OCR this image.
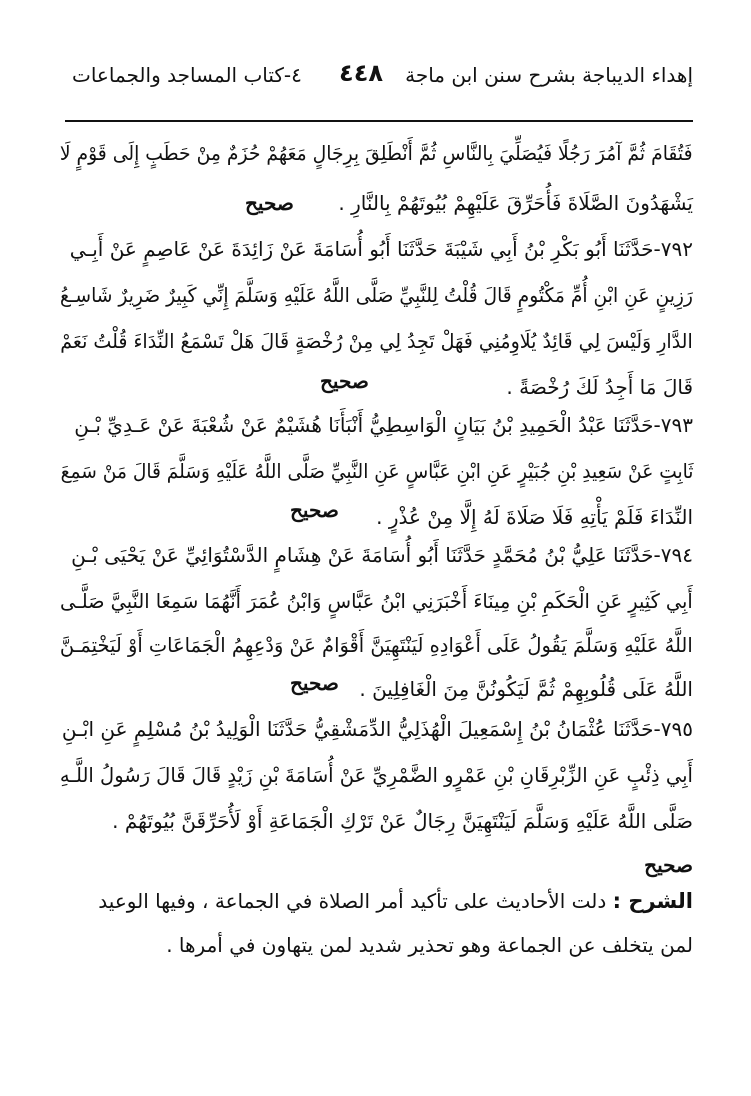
إهداء الديباجة بشرح سنن ابن ماجة
٤٤٨
٤-كتاب المساجد والجماعات
فَتُقَامَ ثُمَّ آمُرَ رَجُلًا فَيُصَلِّيَ بِالنَّاسِ ثُمَّ أَنْطَلِقَ بِرِجَالٍ مَعَهُمْ حُزَمٌ مِنْ حَطَبٍ إِلَى قَوْمٍ لَا
يَشْهَدُونَ الصَّلَاةَ فَأُحَرِّقَ عَلَيْهِمْ بُيُوتَهُمْ بِالنَّارِ .
صحيح
٧٩٢-حَدَّثَنَا أَبُو بَكْرِ بْنُ أَبِي شَيْبَةَ حَدَّثَنَا أَبُو أُسَامَةَ عَنْ زَائِدَةَ عَنْ عَاصِمٍ عَنْ أَبِـي
رَزِينٍ عَنِ ابْنِ أُمِّ مَكْتُومٍ قَالَ قُلْتُ لِلنَّبِيِّ صَلَّى اللَّهُ عَلَيْهِ وَسَلَّمَ إِنِّي كَبِيرٌ ضَرِيرٌ شَاسِـعُ
الدَّارِ وَلَيْسَ لِي قَائِدٌ يُلَاوِمُنِي فَهَلْ تَجِدُ لِي مِنْ رُخْصَةٍ قَالَ هَلْ تَسْمَعُ النِّدَاءَ قُلْتُ نَعَمْ
قَالَ مَا أَجِدُ لَكَ رُخْصَةً .
صحيح
٧٩٣-حَدَّثَنَا عَبْدُ الْحَمِيدِ بْنُ بَيَانٍ الْوَاسِطِيُّ أَنْبَأَنَا هُشَيْمٌ عَنْ شُعْبَةَ عَنْ عَـدِيِّ بْـنِ
ثَابِتٍ عَنْ سَعِيدِ بْنِ جُبَيْرٍ عَنِ ابْنِ عَبَّاسٍ عَنِ النَّبِيِّ صَلَّى اللَّهُ عَلَيْهِ وَسَلَّمَ قَالَ مَنْ سَمِعَ
النِّدَاءَ فَلَمْ يَأْتِهِ فَلَا صَلَاةَ لَهُ إِلَّا مِنْ عُذْرٍ .
صحيح
٧٩٤-حَدَّثَنَا عَلِيُّ بْنُ مُحَمَّدٍ حَدَّثَنَا أَبُو أُسَامَةَ عَنْ هِشَامٍ الدَّسْتُوَائِيِّ عَنْ يَحْيَى بْـنِ
أَبِي كَثِيرٍ عَنِ الْحَكَمِ بْنِ مِينَاءَ أَخْبَرَنِي ابْنُ عَبَّاسٍ وَابْنُ عُمَرَ أَنَّهُمَا سَمِعَا النَّبِيَّ صَلَّـى
اللَّهُ عَلَيْهِ وَسَلَّمَ يَقُولُ عَلَى أَعْوَادِهِ لَيَنْتَهِيَنَّ أَقْوَامٌ عَنْ وَدْعِهِمُ الْجَمَاعَاتِ أَوْ لَيَخْتِمَـنَّ
اللَّهُ عَلَى قُلُوبِهِمْ ثُمَّ لَيَكُونُنَّ مِنَ الْغَافِلِينَ .
صحيح
٧٩٥-حَدَّثَنَا عُثْمَانُ بْنُ إِسْمَعِيلَ الْهُذَلِيُّ الدِّمَشْقِيُّ حَدَّثَنَا الْوَلِيدُ بْنُ مُسْلِمٍ عَنِ ابْـنِ
أَبِي ذِئْبٍ عَنِ الزِّبْرِقَانِ بْنِ عَمْرٍو الضَّمْرِيِّ عَنْ أُسَامَةَ بْنِ زَيْدٍ قَالَ قَالَ رَسُولُ اللَّـهِ
صَلَّى اللَّهُ عَلَيْهِ وَسَلَّمَ لَيَنْتَهِيَنَّ رِجَالٌ عَنْ تَرْكِ الْجَمَاعَةِ أَوْ لَأُحَرِّقَنَّ بُيُوتَهُمْ .
صحيح
الشرح : دلت الأحاديث على تأكيد أمر الصلاة في الجماعة ، وفيها الوعيد
لمن يتخلف عن الجماعة وهو تحذير شديد لمن يتهاون في أمرها .
